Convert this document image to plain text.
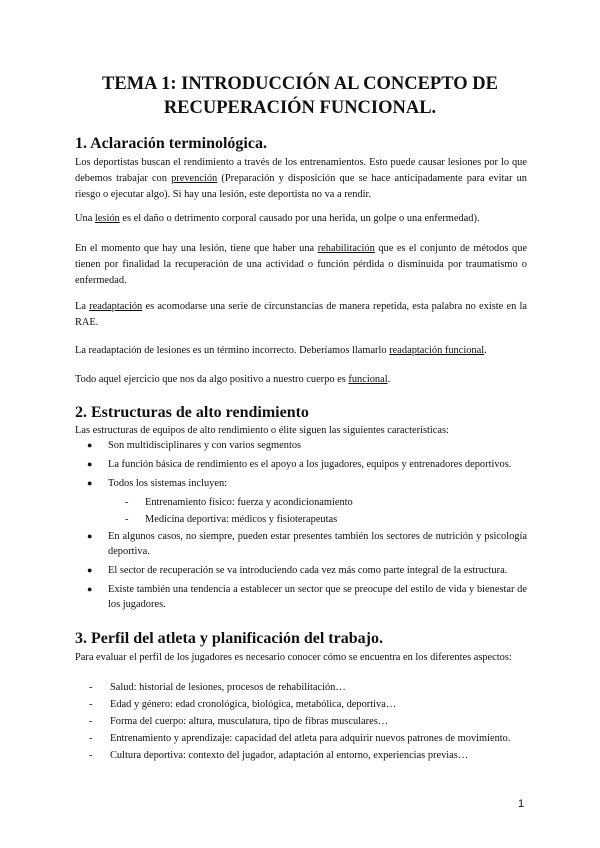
TEMA 1: INTRODUCCIÓN AL CONCEPTO DE RECUPERACIÓN FUNCIONAL.
1. Aclaración terminológica.

Los deportistas buscan el rendimiento a través de los entrenamientos. Esto puede causar lesiones por lo que debemos trabajar con prevención (Preparación y disposición que se hace anticipadamente para evitar un riesgo o ejecutar algo). Si hay una lesión, este deportista no va a rendir.

Una lesión es el daño o detrimento corporal causado por una herida, un golpe o una enfermedad).

En el momento que hay una lesión, tiene que haber una rehabilitación que es el conjunto de métodos que tienen por finalidad la recuperación de una actividad o función pérdida o disminuida por traumatismo o enfermedad.

La readaptación es acomodarse una serie de circunstancias de manera repetida, esta palabra no existe en la RAE.

La readaptación de lesiones es un término incorrecto. Deberíamos llamarlo readaptación funcional.

Todo aquel ejercicio que nos da algo positivo a nuestro cuerpo es funcional.

2. Estructuras de alto rendimiento

Las estructuras de equipos de alto rendimiento o élite siguen las siguientes características:

● Son multidisciplinares y con varios segmentos
● La función básica de rendimiento es el apoyo a los jugadores, equipos y entrenadores deportivos.
● Todos los sistemas incluyen:
- Entrenamiento físico: fuerza y acondicionamiento
- Medicina deportiva: médicos y fisioterapeutas
● En algunos casos, no siempre, pueden estar presentes también los sectores de nutrición y psicología deportiva.
● El sector de recuperación se va introduciendo cada vez más como parte integral de la estructura.
● Existe también una tendencia a establecer un sector que se preocupe del estilo de vida y bienestar de los jugadores.
3. Perfil del atleta y planificación del trabajo.

Para evaluar el perfil de los jugadores es necesario conocer cómo se encuentra en los diferentes aspectos:

- Salud: historial de lesiones, procesos de rehabilitación…
- Edad y género: edad cronológica, biológica, metabólica, deportiva…
- Forma del cuerpo: altura, musculatura, tipo de fibras musculares…
- Entrenamiento y aprendizaje: capacidad del atleta para adquirir nuevos patrones de movimiento.
- Cultura deportiva: contexto del jugador, adaptación al entorno, experiencias previas…
1
